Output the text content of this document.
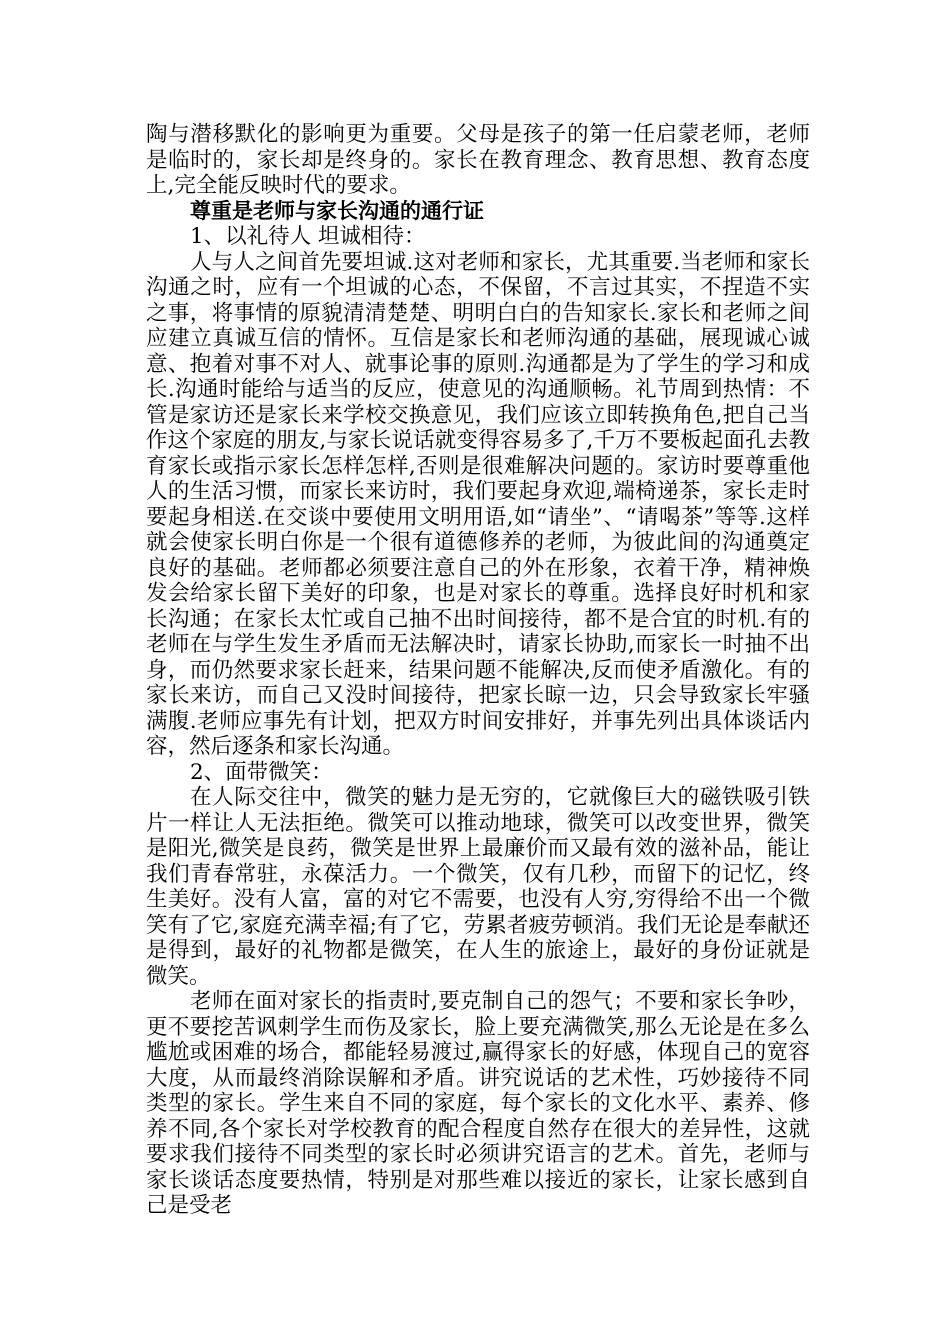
陶与潜移默化的影响更为重要。父母是孩子的第一任启蒙老师，老师是临时的，家长却是终身的。家长在教育理念、教育思想、教育态度上,完全能反映时代的要求。

尊重是老师与家长沟通的通行证

1、以礼待人 坦诚相待：

人与人之间首先要坦诚.这对老师和家长，尤其重要.当老师和家长沟通之时，应有一个坦诚的心态，不保留，不言过其实，不捏造不实之事，将事情的原貌清清楚楚、明明白白的告知家长.家长和老师之间应建立真诚互信的情怀。互信是家长和老师沟通的基础，展现诚心诚意、抱着对事不对人、就事论事的原则.沟通都是为了学生的学习和成长.沟通时能给与适当的反应，使意见的沟通顺畅。礼节周到热情：不管是家访还是家长来学校交换意见，我们应该立即转换角色,把自己当作这个家庭的朋友,与家长说话就变得容易多了,千万不要板起面孔去教育家长或指示家长怎样怎样,否则是很难解决问题的。家访时要尊重他人的生活习惯，而家长来访时，我们要起身欢迎,端椅递茶，家长走时要起身相送.在交谈中要使用文明用语,如“请坐”、“请喝茶”等等.这样就会使家长明白你是一个很有道德修养的老师，为彼此间的沟通奠定良好的基础。老师都必须要注意自己的外在形象，衣着干净，精神焕发会给家长留下美好的印象，也是对家长的尊重。选择良好时机和家长沟通；在家长太忙或自己抽不出时间接待，都不是合宜的时机.有的老师在与学生发生矛盾而无法解决时，请家长协助,而家长一时抽不出身，而仍然要求家长赶来，结果问题不能解决,反而使矛盾激化。有的家长来访，而自己又没时间接待，把家长晾一边，只会导致家长牢骚满腹.老师应事先有计划，把双方时间安排好，并事先列出具体谈话内容，然后逐条和家长沟通。

2、面带微笑：

在人际交往中，微笑的魅力是无穷的，它就像巨大的磁铁吸引铁片一样让人无法拒绝。微笑可以推动地球，微笑可以改变世界，微笑是阳光,微笑是良药，微笑是世界上最廉价而又最有效的滋补品，能让我们青春常驻，永葆活力。一个微笑，仅有几秒，而留下的记忆，终生美好。没有人富，富的对它不需要，也没有人穷,穷得给不出一个微笑有了它,家庭充满幸福;有了它，劳累者疲劳顿消。我们无论是奉献还是得到，最好的礼物都是微笑，在人生的旅途上，最好的身份证就是微笑。

老师在面对家长的指责时,要克制自己的怨气；不要和家长争吵，更不要挖苦讽刺学生而伤及家长，脸上要充满微笑,那么无论是在多么尴尬或困难的场合，都能轻易渡过,赢得家长的好感，体现自己的宽容大度，从而最终消除误解和矛盾。讲究说话的艺术性，巧妙接待不同类型的家长。学生来自不同的家庭，每个家长的文化水平、素养、修养不同,各个家长对学校教育的配合程度自然存在很大的差异性，这就要求我们接待不同类型的家长时必须讲究语言的艺术。首先，老师与家长谈话态度要热情，特别是对那些难以接近的家长，让家长感到自己是受老
